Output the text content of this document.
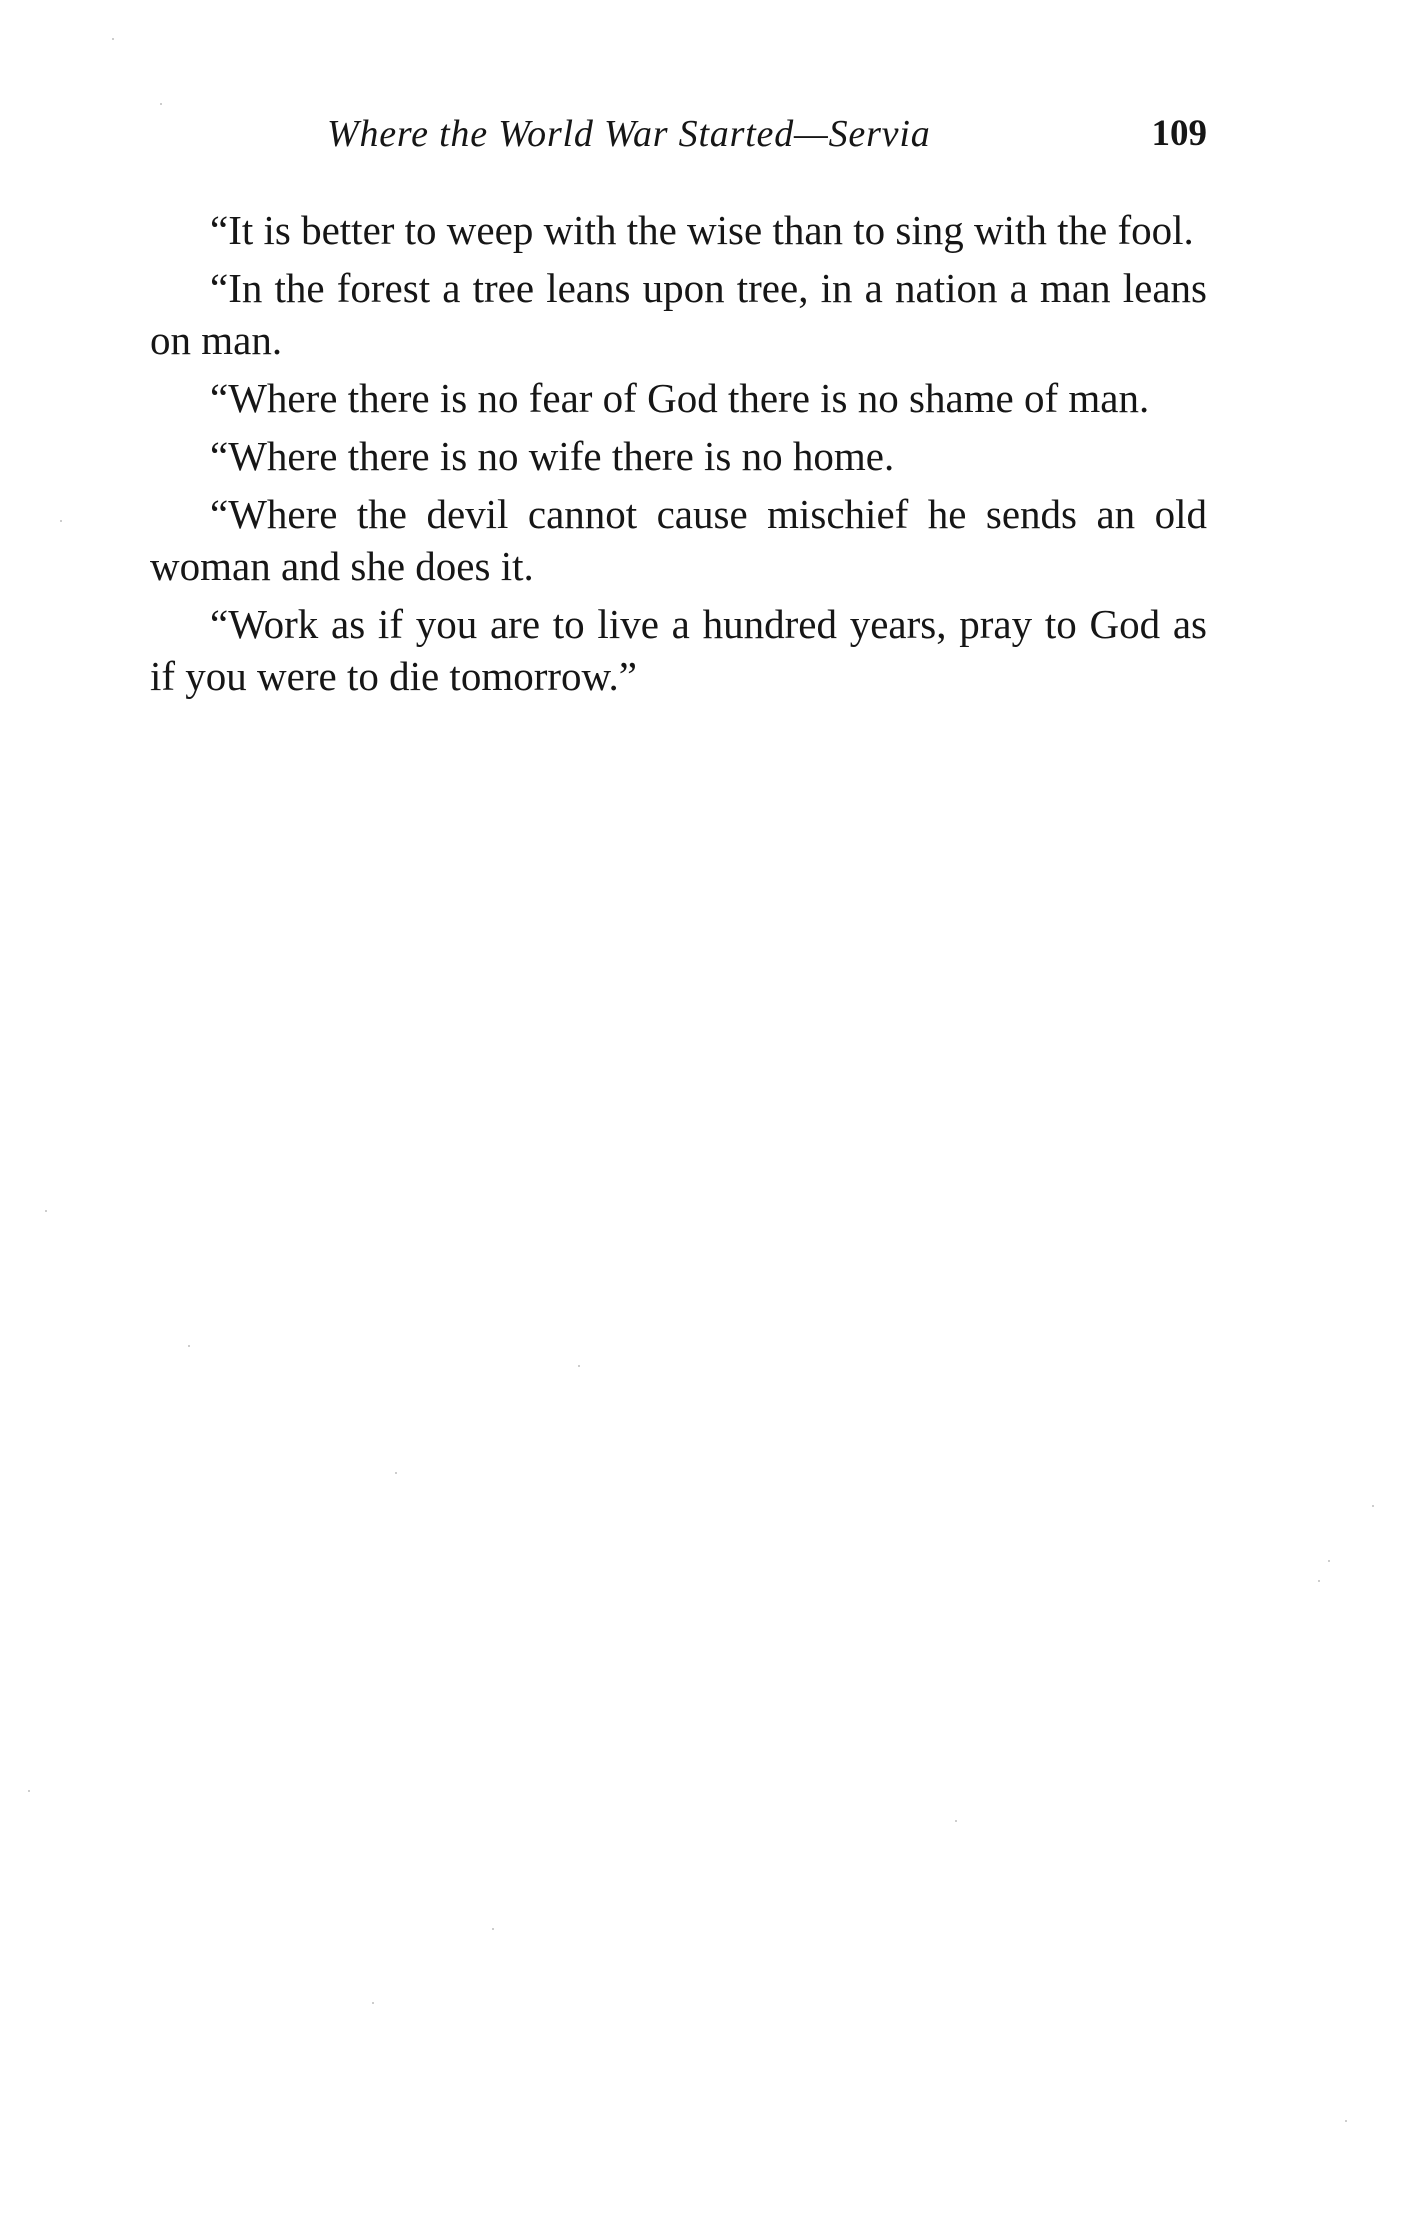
Where the World War Started—Servia	109

“It is better to weep with the wise than to sing with the fool.

“In the forest a tree leans upon tree, in a nation a man leans on man.

“Where there is no fear of God there is no shame of man.

“Where there is no wife there is no home.

“Where the devil cannot cause mischief he sends an old woman and she does it.

“Work as if you are to live a hundred years, pray to God as if you were to die tomorrow.”
